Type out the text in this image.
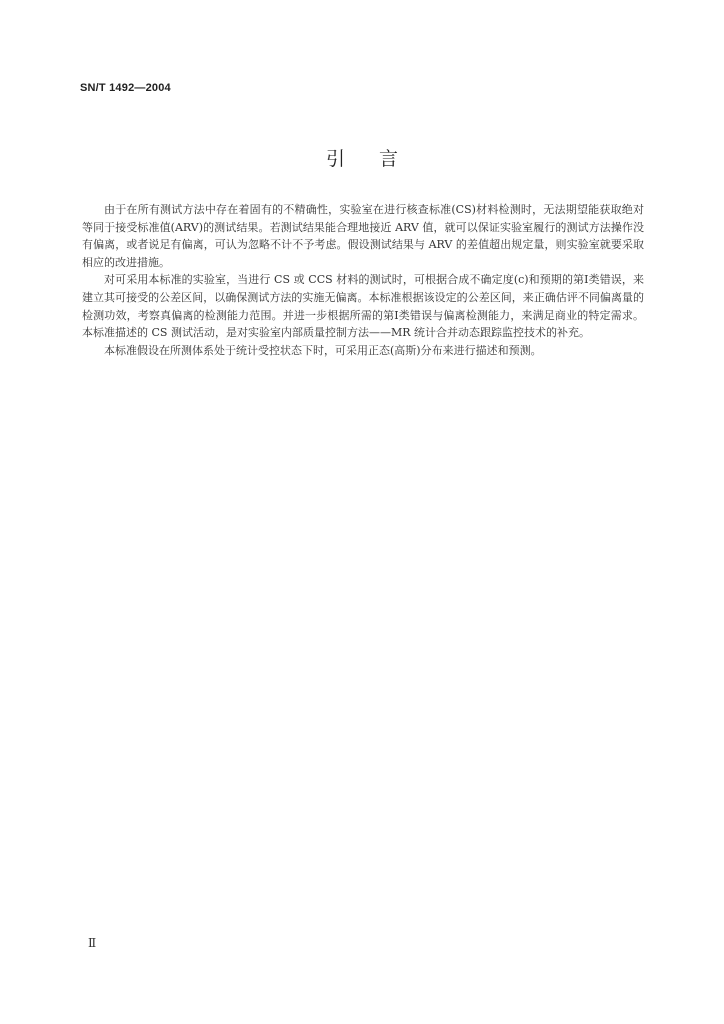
SN/T 1492—2004
引言

由于在所有测试方法中存在着固有的不精确性，实验室在进行核查标准(CS)材料检测时，无法期望能获取绝对等同于接受标准值(ARV)的测试结果。若测试结果能合理地接近 ARV 值，就可以保证实验室履行的测试方法操作没有偏离，或者说足有偏离，可认为忽略不计不予考虑。假设测试结果与 ARV 的差值超出规定量，则实验室就要采取相应的改进措施。

对可采用本标准的实验室，当进行 CS 或 CCS 材料的测试时，可根据合成不确定度(c)和预期的第Ⅰ类错误，来建立其可接受的公差区间，以确保测试方法的实施无偏离。本标准根据该设定的公差区间，来正确估评不同偏离量的检测功效，考察真偏离的检测能力范围。并进一步根据所需的第Ⅰ类错误与偏离检测能力，来满足商业的特定需求。本标准描述的 CS 测试活动，是对实验室内部质量控制方法——MR 统计合并动态跟踪监控技术的补充。

本标准假设在所测体系处于统计受控状态下时，可采用正态(高斯)分布来进行描述和预测。

Ⅱ
